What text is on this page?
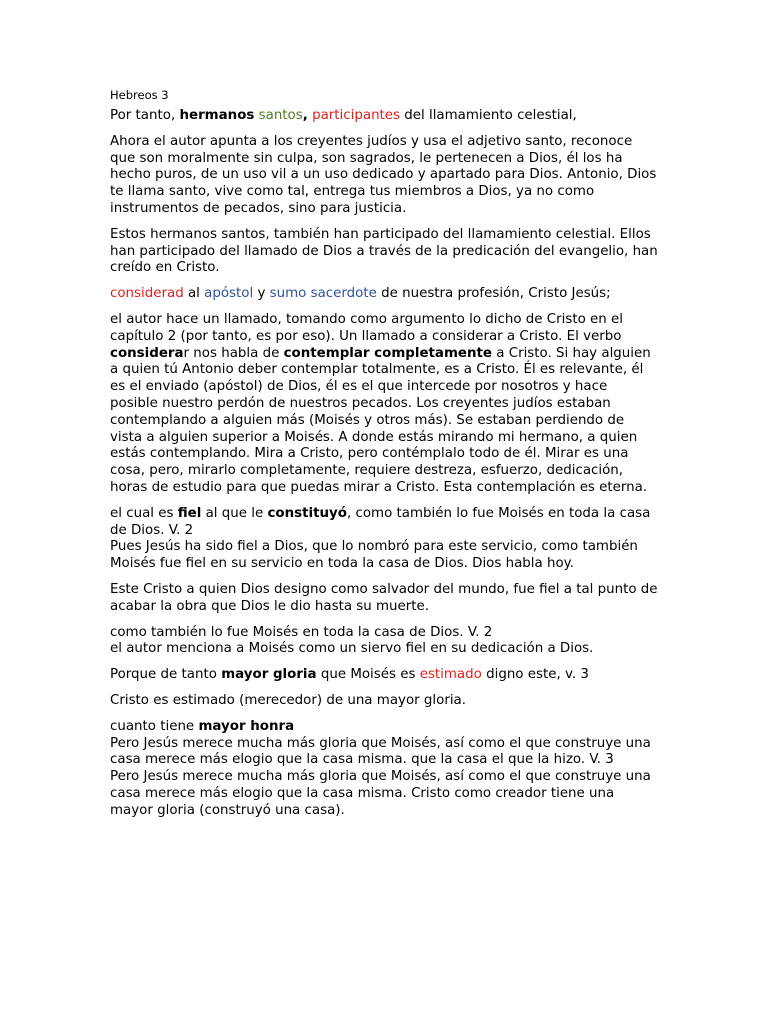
Hebreos 3

Por tanto, hermanos santos, participantes del llamamiento celestial,

Ahora el autor apunta a los creyentes judíos y usa el adjetivo santo, reconoce que son moralmente sin culpa, son sagrados, le pertenecen a Dios, él los ha hecho puros, de un uso vil a un uso dedicado y apartado para Dios. Antonio, Dios te llama santo, vive como tal, entrega tus miembros a Dios, ya no como instrumentos de pecados, sino para justicia.

Estos hermanos santos, también han participado del llamamiento celestial. Ellos han participado del llamado de Dios a través de la predicación del evangelio, han creído en Cristo.

considerad al apóstol y sumo sacerdote de nuestra profesión, Cristo Jesús;

el autor hace un llamado, tomando como argumento lo dicho de Cristo en el capítulo 2 (por tanto, es por eso). Un llamado a considerar a Cristo. El verbo considerar nos habla de contemplar completamente a Cristo. Si hay alguien a quien tú Antonio deber contemplar totalmente, es a Cristo. Él es relevante, él es el enviado (apóstol) de Dios, él es el que intercede por nosotros y hace posible nuestro perdón de nuestros pecados. Los creyentes judíos estaban contemplando a alguien más (Moisés y otros más). Se estaban perdiendo de vista a alguien superior a Moisés. A donde estás mirando mi hermano, a quien estás contemplando. Mira a Cristo, pero contémplalo todo de él. Mirar es una cosa, pero, mirarlo completamente, requiere destreza, esfuerzo, dedicación, horas de estudio para que puedas mirar a Cristo. Esta contemplación es eterna.

el cual es fiel al que le constituyó, como también lo fue Moisés en toda la casa de Dios. V. 2
Pues Jesús ha sido fiel a Dios, que lo nombró para este servicio, como también Moisés fue fiel en su servicio en toda la casa de Dios. Dios habla hoy.

Este Cristo a quien Dios designo como salvador del mundo, fue fiel a tal punto de acabar la obra que Dios le dio hasta su muerte.

como también lo fue Moisés en toda la casa de Dios. V. 2
el autor menciona a Moisés como un siervo fiel en su dedicación a Dios.

Porque de tanto mayor gloria que Moisés es estimado digno este, v. 3

Cristo es estimado (merecedor) de una mayor gloria.

cuanto tiene mayor honra
Pero Jesús merece mucha más gloria que Moisés, así como el que construye una casa merece más elogio que la casa misma. que la casa el que la hizo. V. 3
Pero Jesús merece mucha más gloria que Moisés, así como el que construye una casa merece más elogio que la casa misma. Cristo como creador tiene una mayor gloria (construyó una casa).
